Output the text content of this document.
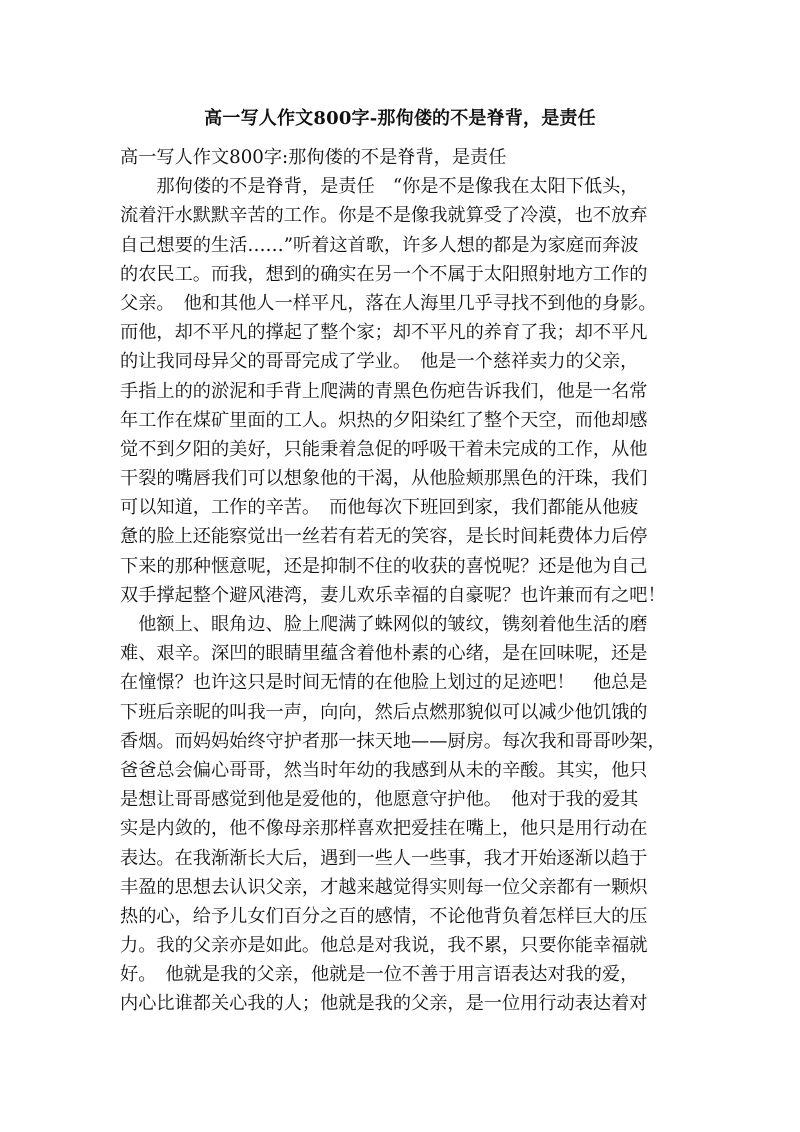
高一写人作文800字-那佝偻的不是脊背，是责任
高一写人作文800字:那佝偻的不是脊背，是责任
　　那佝偻的不是脊背，是责任　“你是不是像我在太阳下低头，
流着汗水默默辛苦的工作。你是不是像我就算受了冷漠，也不放弃
自己想要的生活……”听着这首歌，许多人想的都是为家庭而奔波
的农民工。而我，想到的确实在另一个不属于太阳照射地方工作的
父亲。　他和其他人一样平凡，落在人海里几乎寻找不到他的身影。
而他，却不平凡的撑起了整个家；却不平凡的养育了我；却不平凡
的让我同母异父的哥哥完成了学业。　他是一个慈祥卖力的父亲，
手指上的的淤泥和手背上爬满的青黑色伤疤告诉我们，他是一名常
年工作在煤矿里面的工人。炽热的夕阳染红了整个天空，而他却感
觉不到夕阳的美好，只能秉着急促的呼吸干着未完成的工作，从他
干裂的嘴唇我们可以想象他的干渴，从他脸颊那黑色的汗珠，我们
可以知道，工作的辛苦。　而他每次下班回到家，我们都能从他疲
惫的脸上还能察觉出一丝若有若无的笑容，是长时间耗费体力后停
下来的那种惬意呢，还是抑制不住的收获的喜悦呢？还是他为自己
双手撑起整个避风港湾，妻儿欢乐幸福的自豪呢？也许兼而有之吧！
　他额上、眼角边、脸上爬满了蛛网似的皱纹，镌刻着他生活的磨
难、艰辛。深凹的眼睛里蕴含着他朴素的心绪，是在回味呢，还是
在憧憬？也许这只是时间无情的在他脸上划过的足迹吧！　他总是
下班后亲昵的叫我一声，向向，然后点燃那貌似可以减少他饥饿的
香烟。而妈妈始终守护者那一抹天地——厨房。每次我和哥哥吵架，
爸爸总会偏心哥哥，然当时年幼的我感到从未的辛酸。其实，他只
是想让哥哥感觉到他是爱他的，他愿意守护他。　他对于我的爱其
实是内敛的，他不像母亲那样喜欢把爱挂在嘴上，他只是用行动在
表达。在我渐渐长大后，遇到一些人一些事，我才开始逐渐以趋于
丰盈的思想去认识父亲，才越来越觉得实则每一位父亲都有一颗炽
热的心，给予儿女们百分之百的感情，不论他背负着怎样巨大的压
力。我的父亲亦是如此。他总是对我说，我不累，只要你能幸福就
好。　他就是我的父亲，他就是一位不善于用言语表达对我的爱，
内心比谁都关心我的人；他就是我的父亲，是一位用行动表达着对
